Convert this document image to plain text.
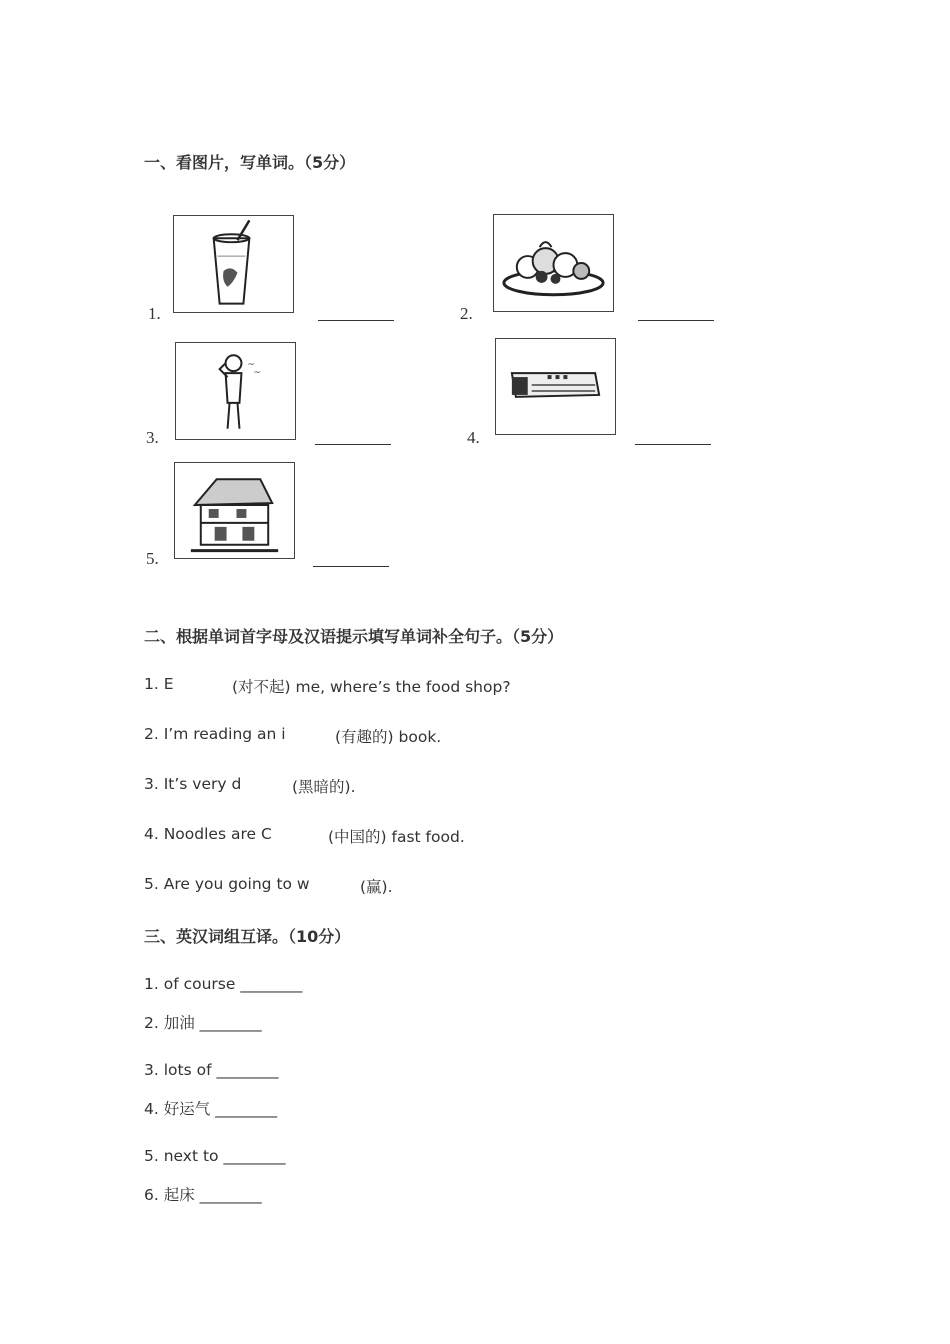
一、看图片，写单词。（5分）
1.	2.
3.
~
~
4.
5.
二、根据单词首字母及汉语提示填写单词补全句子。（5分）
1. E	(对不起) me, where’s the food shop?
2. I’m reading an i	(有趣的) book.
3. It’s very d	(黑暗的).
4. Noodles are C	(中国的) fast food.
5. Are you going to w	(赢).
三、英汉词组互译。（10分）
1. of course ________
2. 加油 ________
3. lots of ________
4. 好运气 ________
5. next to ________
6. 起床 ________
